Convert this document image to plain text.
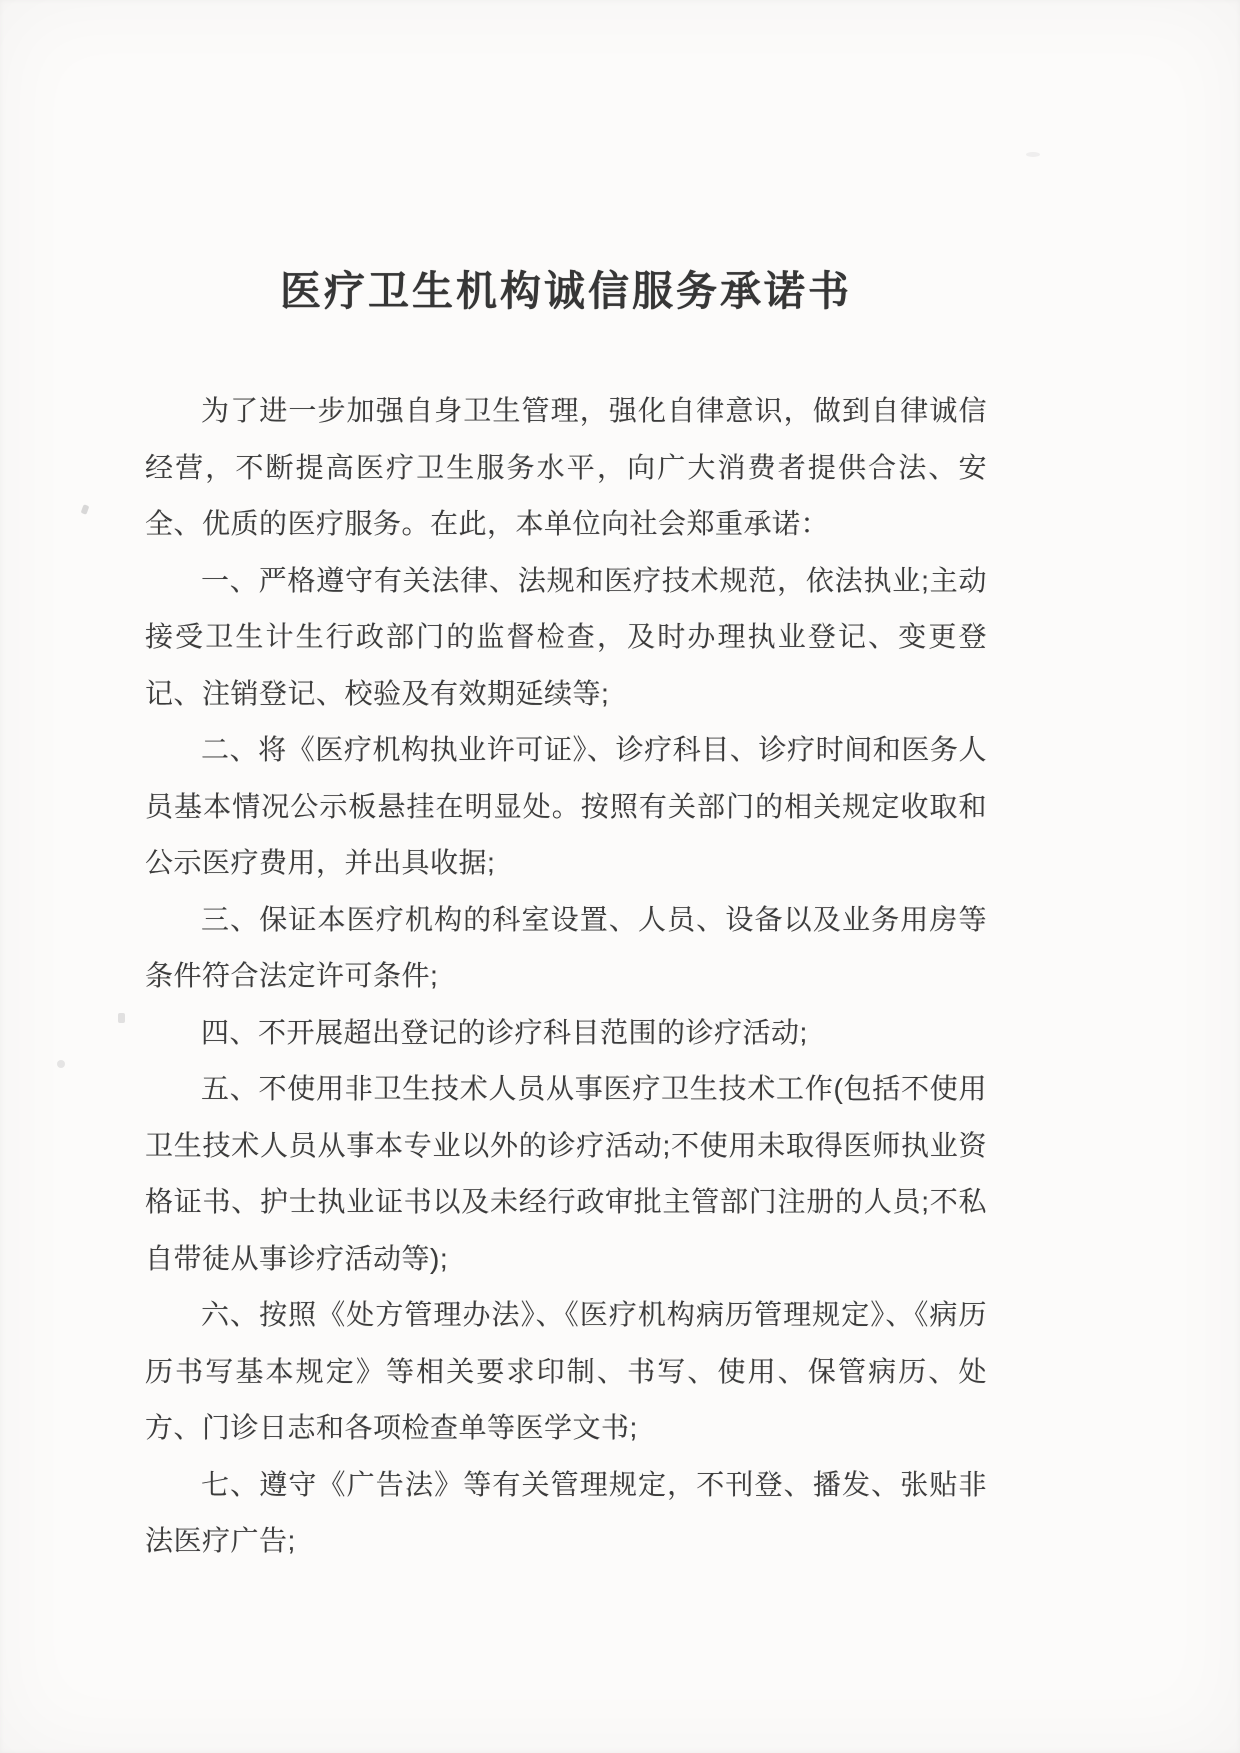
医疗卫生机构诚信服务承诺书

为了进一步加强自身卫生管理，强化自律意识，做到自律诚信经营，不断提高医疗卫生服务水平，向广大消费者提供合法、安全、优质的医疗服务。在此，本单位向社会郑重承诺：

一、严格遵守有关法律、法规和医疗技术规范，依法执业;主动接受卫生计生行政部门的监督检查，及时办理执业登记、变更登记、注销登记、校验及有效期延续等;

二、将《医疗机构执业许可证》、诊疗科目、诊疗时间和医务人员基本情况公示板悬挂在明显处。按照有关部门的相关规定收取和公示医疗费用，并出具收据;

三、保证本医疗机构的科室设置、人员、设备以及业务用房等条件符合法定许可条件;

四、不开展超出登记的诊疗科目范围的诊疗活动;

五、不使用非卫生技术人员从事医疗卫生技术工作(包括不使用卫生技术人员从事本专业以外的诊疗活动;不使用未取得医师执业资格证书、护士执业证书以及未经行政审批主管部门注册的人员;不私自带徒从事诊疗活动等);

六、按照《处方管理办法》、《医疗机构病历管理规定》、《病历历书写基本规定》等相关要求印制、书写、使用、保管病历、处方、门诊日志和各项检查单等医学文书;

七、遵守《广告法》等有关管理规定，不刊登、播发、张贴非法医疗广告;
